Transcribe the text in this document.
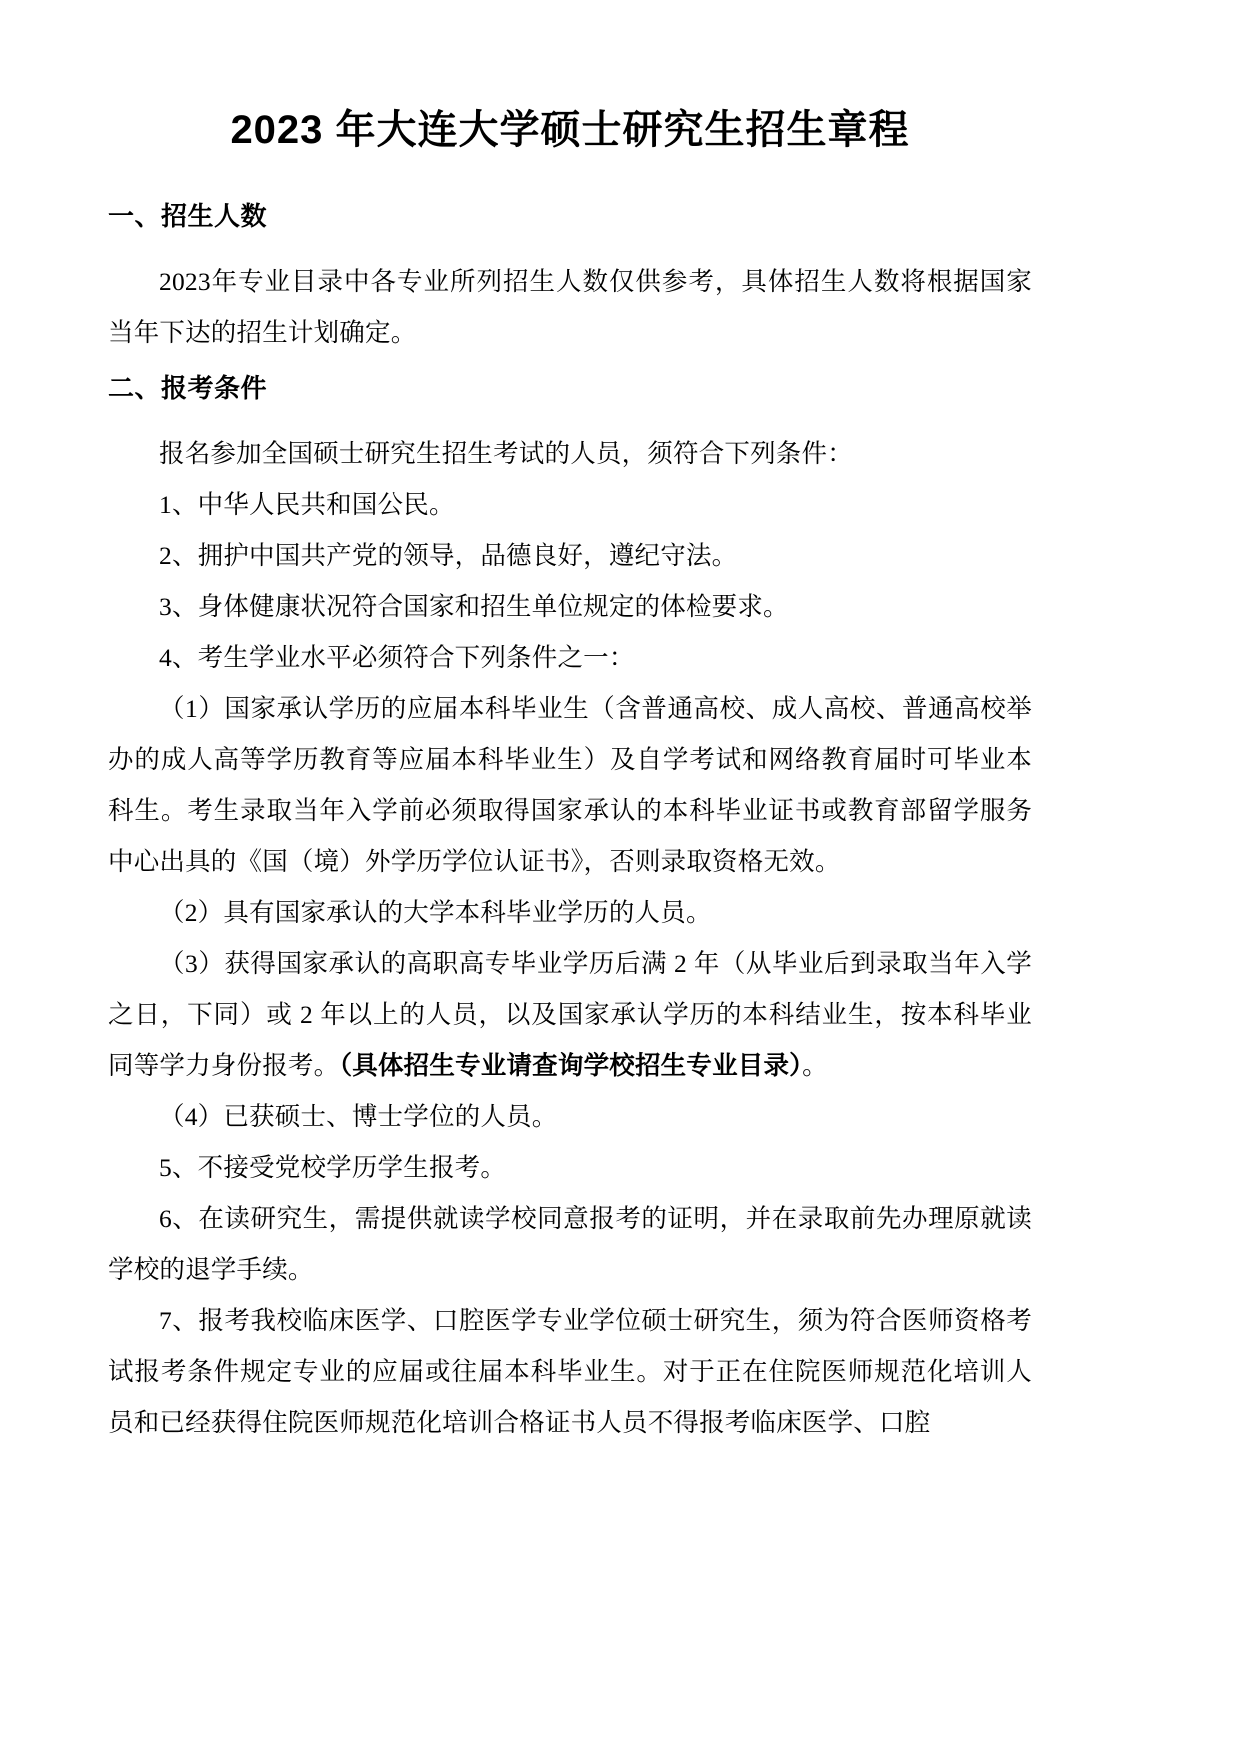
2023 年大连大学硕士研究生招生章程
一、招生人数

2023年专业目录中各专业所列招生人数仅供参考，具体招生人数将根据国家当年下达的招生计划确定。

二、报考条件

报名参加全国硕士研究生招生考试的人员，须符合下列条件：

1、中华人民共和国公民。

2、拥护中国共产党的领导，品德良好，遵纪守法。

3、身体健康状况符合国家和招生单位规定的体检要求。

4、考生学业水平必须符合下列条件之一：

（1）国家承认学历的应届本科毕业生（含普通高校、成人高校、普通高校举办的成人高等学历教育等应届本科毕业生）及自学考试和网络教育届时可毕业本科生。考生录取当年入学前必须取得国家承认的本科毕业证书或教育部留学服务中心出具的《国（境）外学历学位认证书》，否则录取资格无效。

（2）具有国家承认的大学本科毕业学历的人员。

（3）获得国家承认的高职高专毕业学历后满 2 年（从毕业后到录取当年入学之日，下同）或 2 年以上的人员，以及国家承认学历的本科结业生，按本科毕业同等学力身份报考。（具体招生专业请查询学校招生专业目录）。

（4）已获硕士、博士学位的人员。

5、不接受党校学历学生报考。

6、在读研究生，需提供就读学校同意报考的证明，并在录取前先办理原就读学校的退学手续。

7、报考我校临床医学、口腔医学专业学位硕士研究生，须为符合医师资格考试报考条件规定专业的应届或往届本科毕业生。对于正在住院医师规范化培训人员和已经获得住院医师规范化培训合格证书人员不得报考临床医学、口腔
